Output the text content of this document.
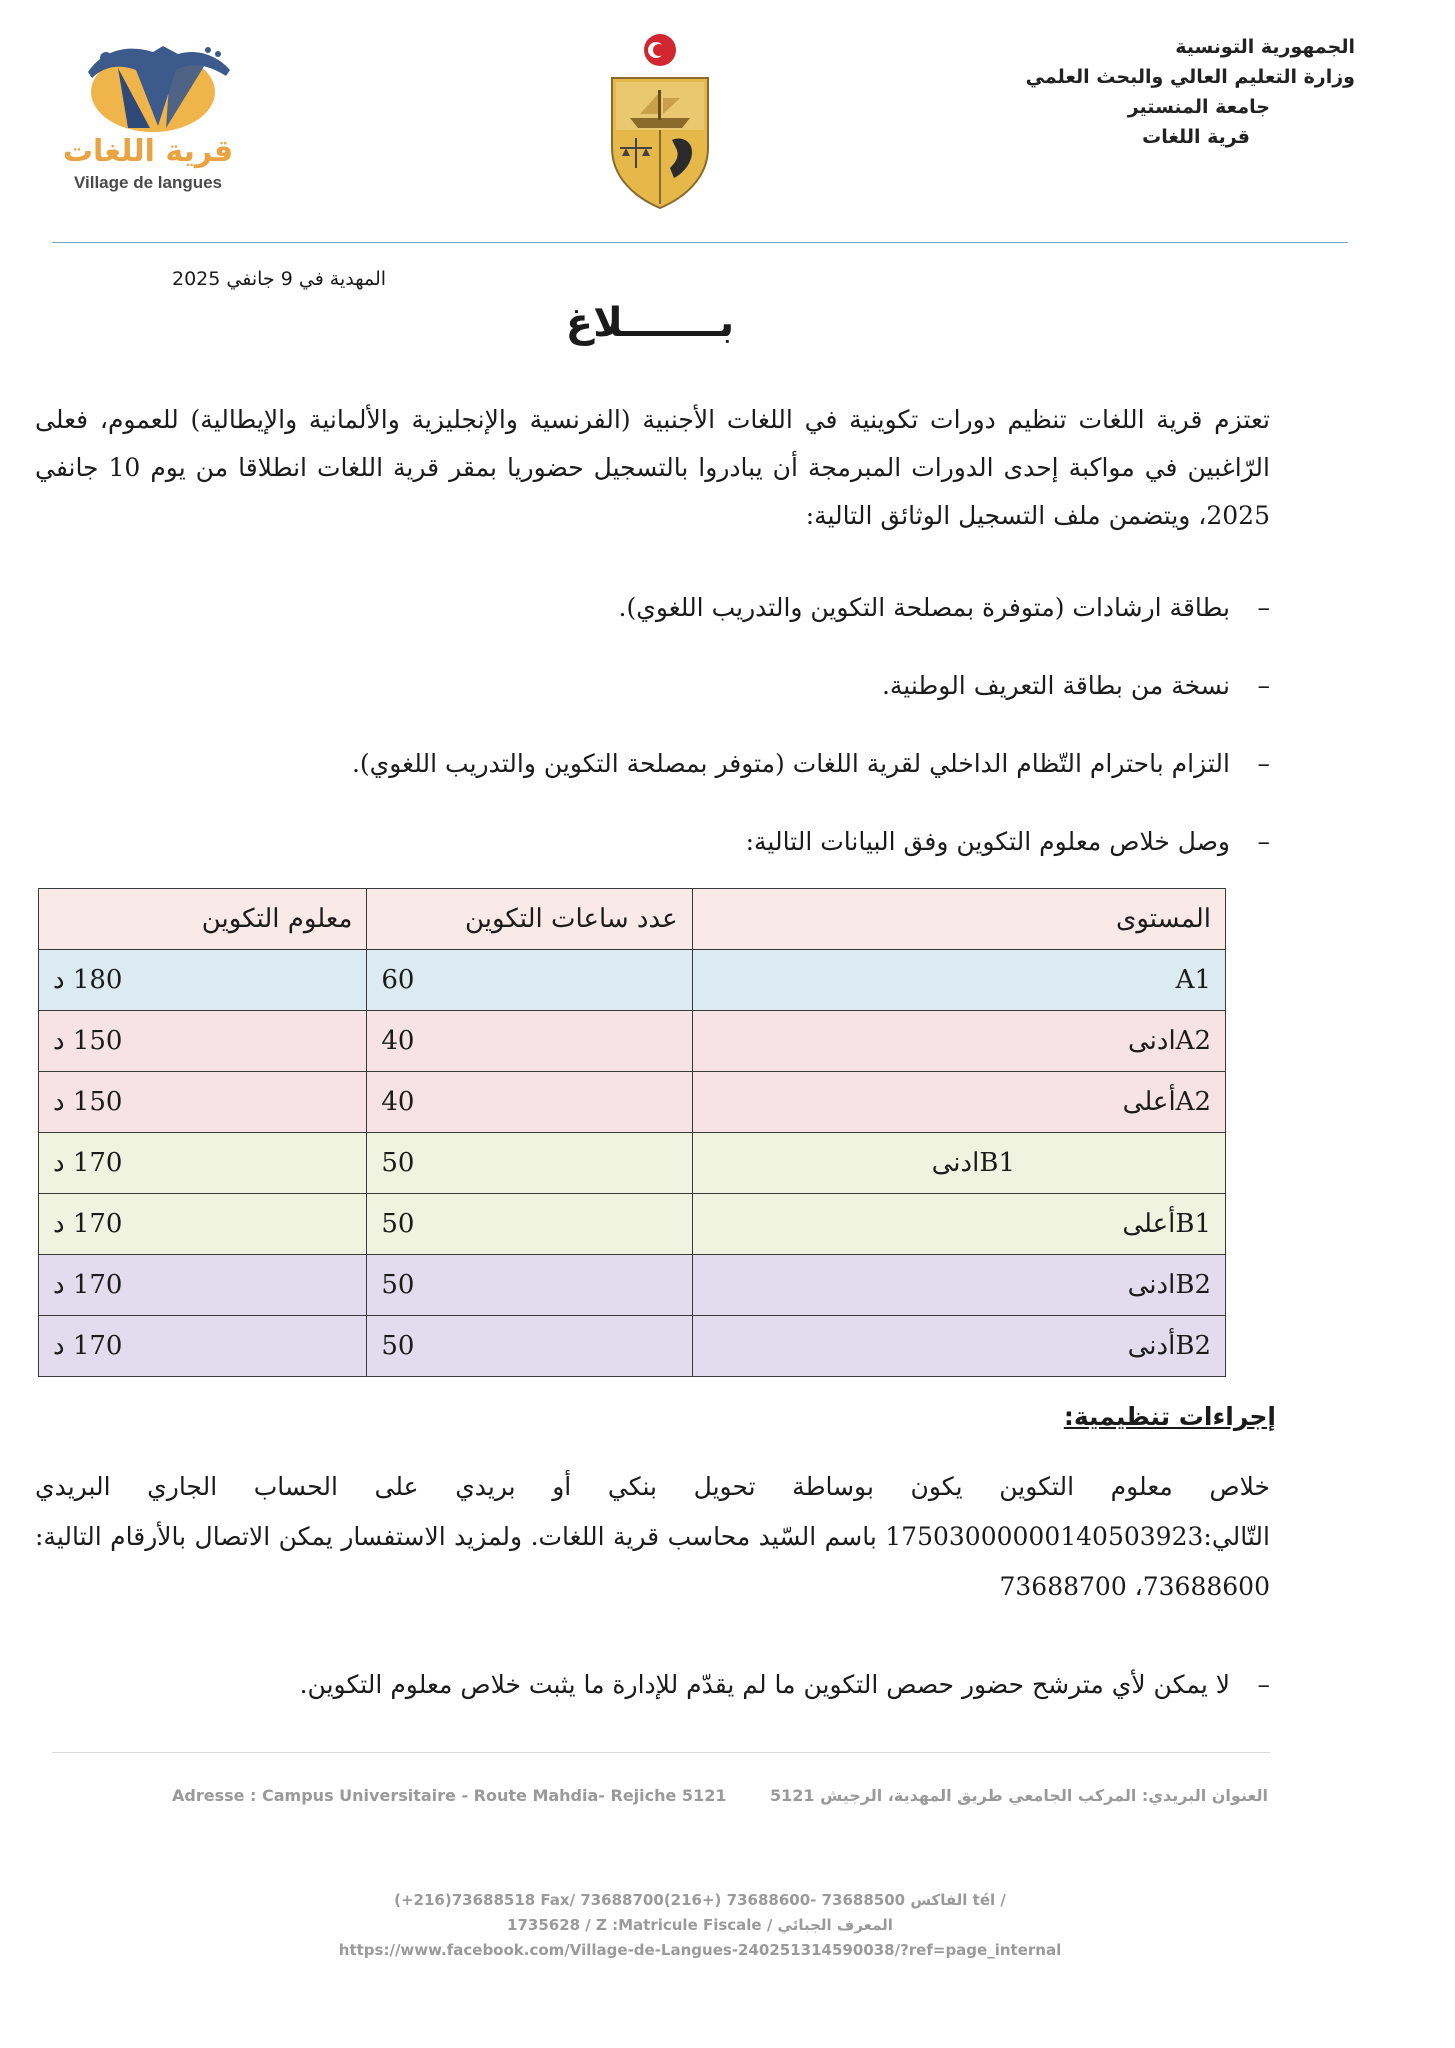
قرية اللغات
Village de langues
الجمهورية التونسية
وزارة التعليم العالي والبحث العلمي
جامعة المنستير
قرية اللغات
المهدية في 9 جانفي 2025
بـــــــلاغ
تعتزم قرية اللغات تنظيم دورات تكوينية في اللغات الأجنبية (الفرنسية والإنجليزية والألمانية والإيطالية) للعموم، فعلى الرّاغبين في مواكبة إحدى الدورات المبرمجة أن يبادروا بالتسجيل حضوريا بمقر قرية اللغات انطلاقا من يوم 10 جانفي 2025، ويتضمن ملف التسجيل الوثائق التالية:
–بطاقة ارشادات (متوفرة بمصلحة التكوين والتدريب اللغوي).
–نسخة من بطاقة التعريف الوطنية.
–التزام باحترام التّظام الداخلي لقرية اللغات (متوفر بمصلحة التكوين والتدريب اللغوي).
–وصل خلاص معلوم التكوين وفق البيانات التالية:
المستوى	عدد ساعات التكوين	معلوم التكوين
A1	60	180 د
A2ادنى	40	150 د
A2أعلى	40	150 د
B1ادنى	50	170 د
B1أعلى	50	170 د
B2ادنى	50	170 د
B2أدنى	50	170 د
إجراءات تنظيمية:
خلاص معلوم التكوين يكون بوساطة تحويل بنكي أو بريدي على الحساب الجاري البريدي التّالي:17503000000140503923 باسم السّيد محاسب قرية اللغات. ولمزيد الاستفسار يمكن الاتصال بالأرقام التالية: 73688600، 73688700
–لا يمكن لأي مترشح حضور حصص التكوين ما لم يقدّم للإدارة ما يثبت خلاص معلوم التكوين.
Adresse : Campus Universitaire - Route Mahdia- Rejiche 5121	العنوان البريدي: المركب الجامعي طريق المهدية، الرجيش 5121
(+216)73688518 Fax/ الفاكس 73688500 -73688600 (+216)73688700 tél /
1735628 / Z :Matricule Fiscale / المعرف الجبائي
https://www.facebook.com/Village-de-Langues-240251314590038/?ref=page_internal
